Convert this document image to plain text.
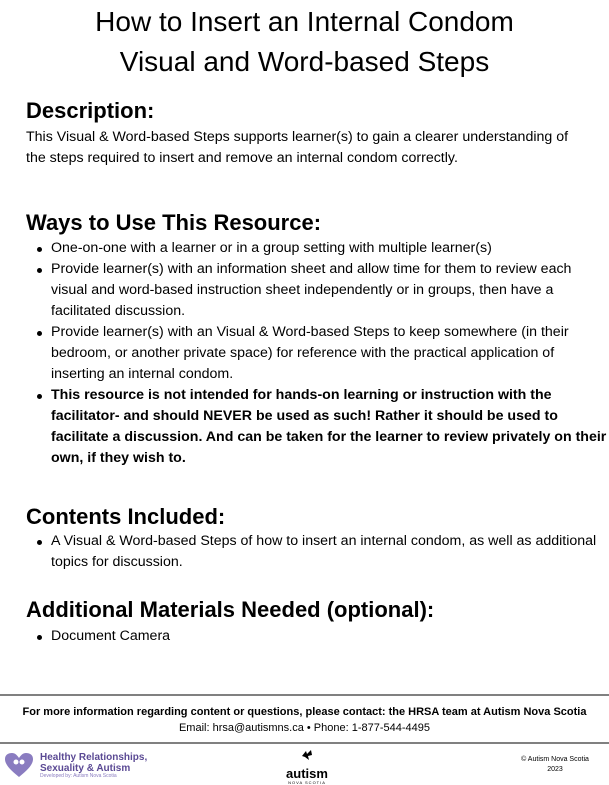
How to Insert an Internal Condom
Visual and Word-based Steps
Description:

This Visual & Word-based Steps supports learner(s) to gain a clearer understanding of the steps required to insert and remove an internal condom correctly.

Ways to Use This Resource:
One-on-one with a learner or in a group setting with multiple learner(s)
Provide learner(s) with an information sheet and allow time for them to review each visual and word-based instruction sheet independently or in groups, then have a facilitated discussion.
Provide learner(s) with an Visual & Word-based Steps to keep somewhere (in their bedroom, or another private space) for reference with the practical application of inserting an internal condom.
This resource is not intended for hands-on learning or instruction with the facilitator- and should NEVER be used as such! Rather it should be used to facilitate a discussion. And can be taken for the learner to review privately on their own, if they wish to.
Contents Included:
A Visual & Word-based Steps of how to insert an internal condom, as well as additional topics for discussion.
Additional Materials Needed (optional):
Document Camera
For more information regarding content or questions, please contact: the HRSA team at Autism Nova Scotia
Email: hrsa@autismns.ca • Phone: 1-877-544-4495
Healthy Relationships,
Sexuality & Autism
Developed by: Autism Nova Scotia	autism
NOVA SCOTIA
© Autism Nova Scotia
2023
